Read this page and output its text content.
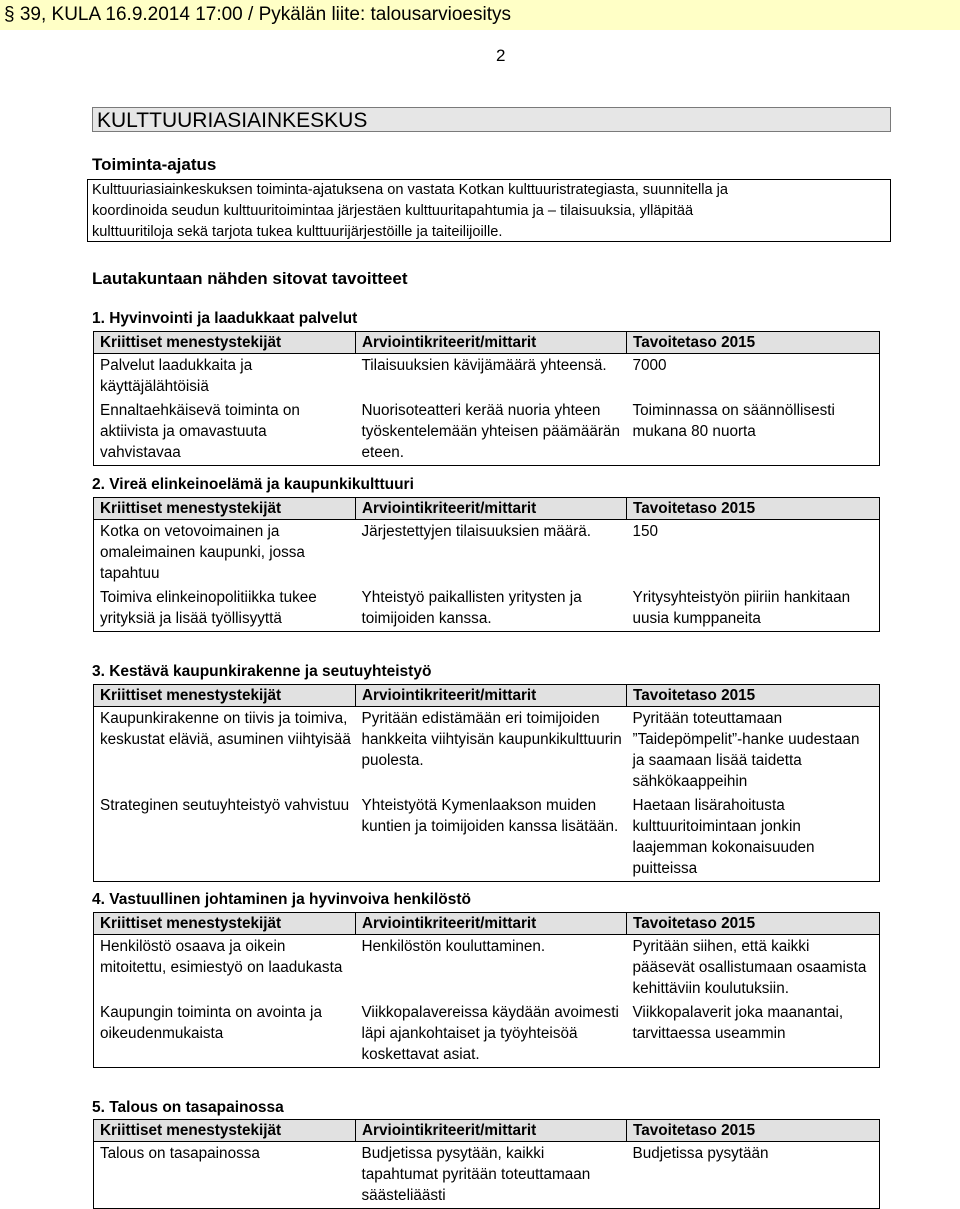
§ 39, KULA 16.9.2014 17:00 / Pykälän liite: talousarvioesitys
2
KULTTUURIASIAINKESKUS
Toiminta-ajatus
Kulttuuriasiainkeskuksen toiminta-ajatuksena on vastata Kotkan kulttuuristrategiasta, suunnitella ja
koordinoida seudun kulttuuritoimintaa järjestäen kulttuuritapahtumia ja – tilaisuuksia, ylläpitää
kulttuuritiloja sekä tarjota tukea kulttuurijärjestöille ja taiteilijoille.
Lautakuntaan nähden sitovat tavoitteet
1. Hyvinvointi ja laadukkaat palvelut
Kriittiset menestystekijät	Arviointikriteerit/mittarit	Tavoitetaso 2015
Palvelut laadukkaita ja käyttäjälähtöisiä	Tilaisuuksien kävijämäärä yhteensä.	7000
Ennaltaehkäisevä toiminta on aktiivista ja omavastuuta vahvistavaa	Nuorisoteatteri kerää nuoria yhteen työskentelemään yhteisen päämäärän eteen.	Toiminnassa on säännöllisesti mukana 80 nuorta
2. Vireä elinkeinoelämä ja kaupunkikulttuuri
Kriittiset menestystekijät	Arviointikriteerit/mittarit	Tavoitetaso 2015
Kotka on vetovoimainen ja omaleimainen kaupunki, jossa tapahtuu	Järjestettyjen tilaisuuksien määrä.	150
Toimiva elinkeinopolitiikka tukee yrityksiä ja lisää työllisyyttä	Yhteistyö paikallisten yritysten ja toimijoiden kanssa.	Yritysyhteistyön piiriin hankitaan uusia kumppaneita
3. Kestävä kaupunkirakenne ja seutuyhteistyö
Kriittiset menestystekijät	Arviointikriteerit/mittarit	Tavoitetaso 2015
Kaupunkirakenne on tiivis ja toimiva, keskustat eläviä, asuminen viihtyisää	Pyritään edistämään eri toimijoiden hankkeita viihtyisän kaupunkikulttuurin puolesta.	Pyritään toteuttamaan ”Taidepömpelit”-hanke uudestaan ja saamaan lisää taidetta sähkökaappeihin
Strateginen seutuyhteistyö vahvistuu	Yhteistyötä Kymenlaakson muiden kuntien ja toimijoiden kanssa lisätään.	Haetaan lisärahoitusta kulttuuritoimintaan jonkin laajemman kokonaisuuden puitteissa
4. Vastuullinen johtaminen ja hyvinvoiva henkilöstö
Kriittiset menestystekijät	Arviointikriteerit/mittarit	Tavoitetaso 2015
Henkilöstö osaava ja oikein mitoitettu, esimiestyö on laadukasta	Henkilöstön kouluttaminen.	Pyritään siihen, että kaikki pääsevät osallistumaan osaamista kehittäviin koulutuksiin.
Kaupungin toiminta on avointa ja oikeudenmukaista	Viikkopalavereissa käydään avoimesti läpi ajankohtaiset ja työyhteisöä koskettavat asiat.	Viikkopalaverit joka maanantai, tarvittaessa useammin
5. Talous on tasapainossa
Kriittiset menestystekijät	Arviointikriteerit/mittarit	Tavoitetaso 2015
Talous on tasapainossa	Budjetissa pysytään, kaikki tapahtumat pyritään toteuttamaan säästeliäästi	Budjetissa pysytään
